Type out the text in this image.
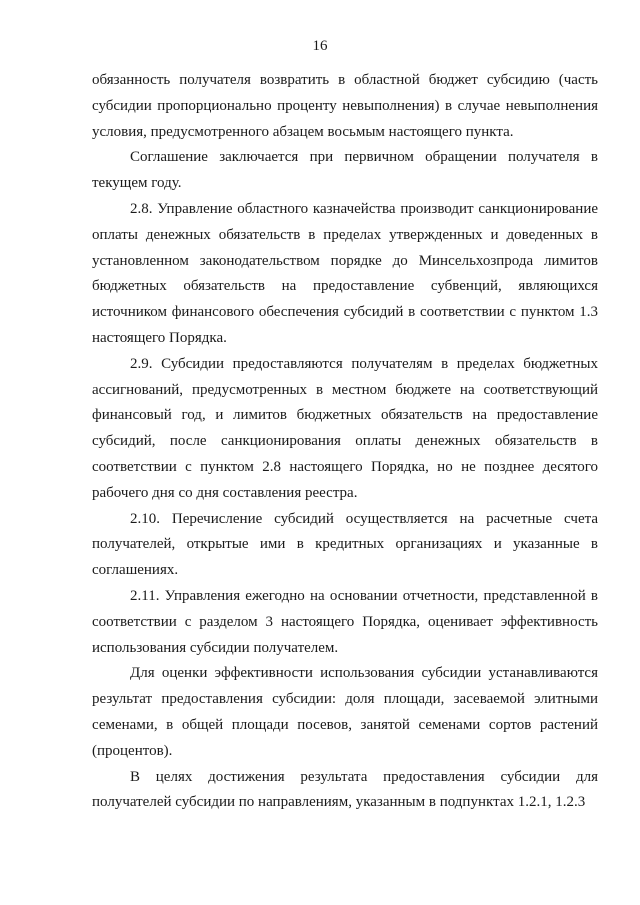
16

обязанность получателя возвратить в областной бюджет субсидию (часть субсидии пропорционально проценту невыполнения) в случае невыполнения условия, предусмотренного абзацем восьмым настоящего пункта.

Соглашение заключается при первичном обращении получателя в текущем году.

2.8. Управление областного казначейства производит санкционирование оплаты денежных обязательств в пределах утвержденных и доведенных в установленном законодательством порядке до Минсельхозпрода лимитов бюджетных обязательств на предоставление субвенций, являющихся источником финансового обеспечения субсидий в соответствии с пунктом 1.3 настоящего Порядка.

2.9. Субсидии предоставляются получателям в пределах бюджетных ассигнований, предусмотренных в местном бюджете на соответствующий финансовый год, и лимитов бюджетных обязательств на предоставление субсидий, после санкционирования оплаты денежных обязательств в соответствии с пунктом 2.8 настоящего Порядка, но не позднее десятого рабочего дня со дня составления реестра.

2.10. Перечисление субсидий осуществляется на расчетные счета получателей, открытые ими в кредитных организациях и указанные в соглашениях.

2.11. Управления ежегодно на основании отчетности, представленной в соответствии с разделом 3 настоящего Порядка, оценивает эффективность использования субсидии получателем.

Для оценки эффективности использования субсидии устанавливаются результат предоставления субсидии: доля площади, засеваемой элитными семенами, в общей площади посевов, занятой семенами сортов растений (процентов).

В целях достижения результата предоставления субсидии для получателей субсидии по направлениям, указанным в подпунктах 1.2.1, 1.2.3
